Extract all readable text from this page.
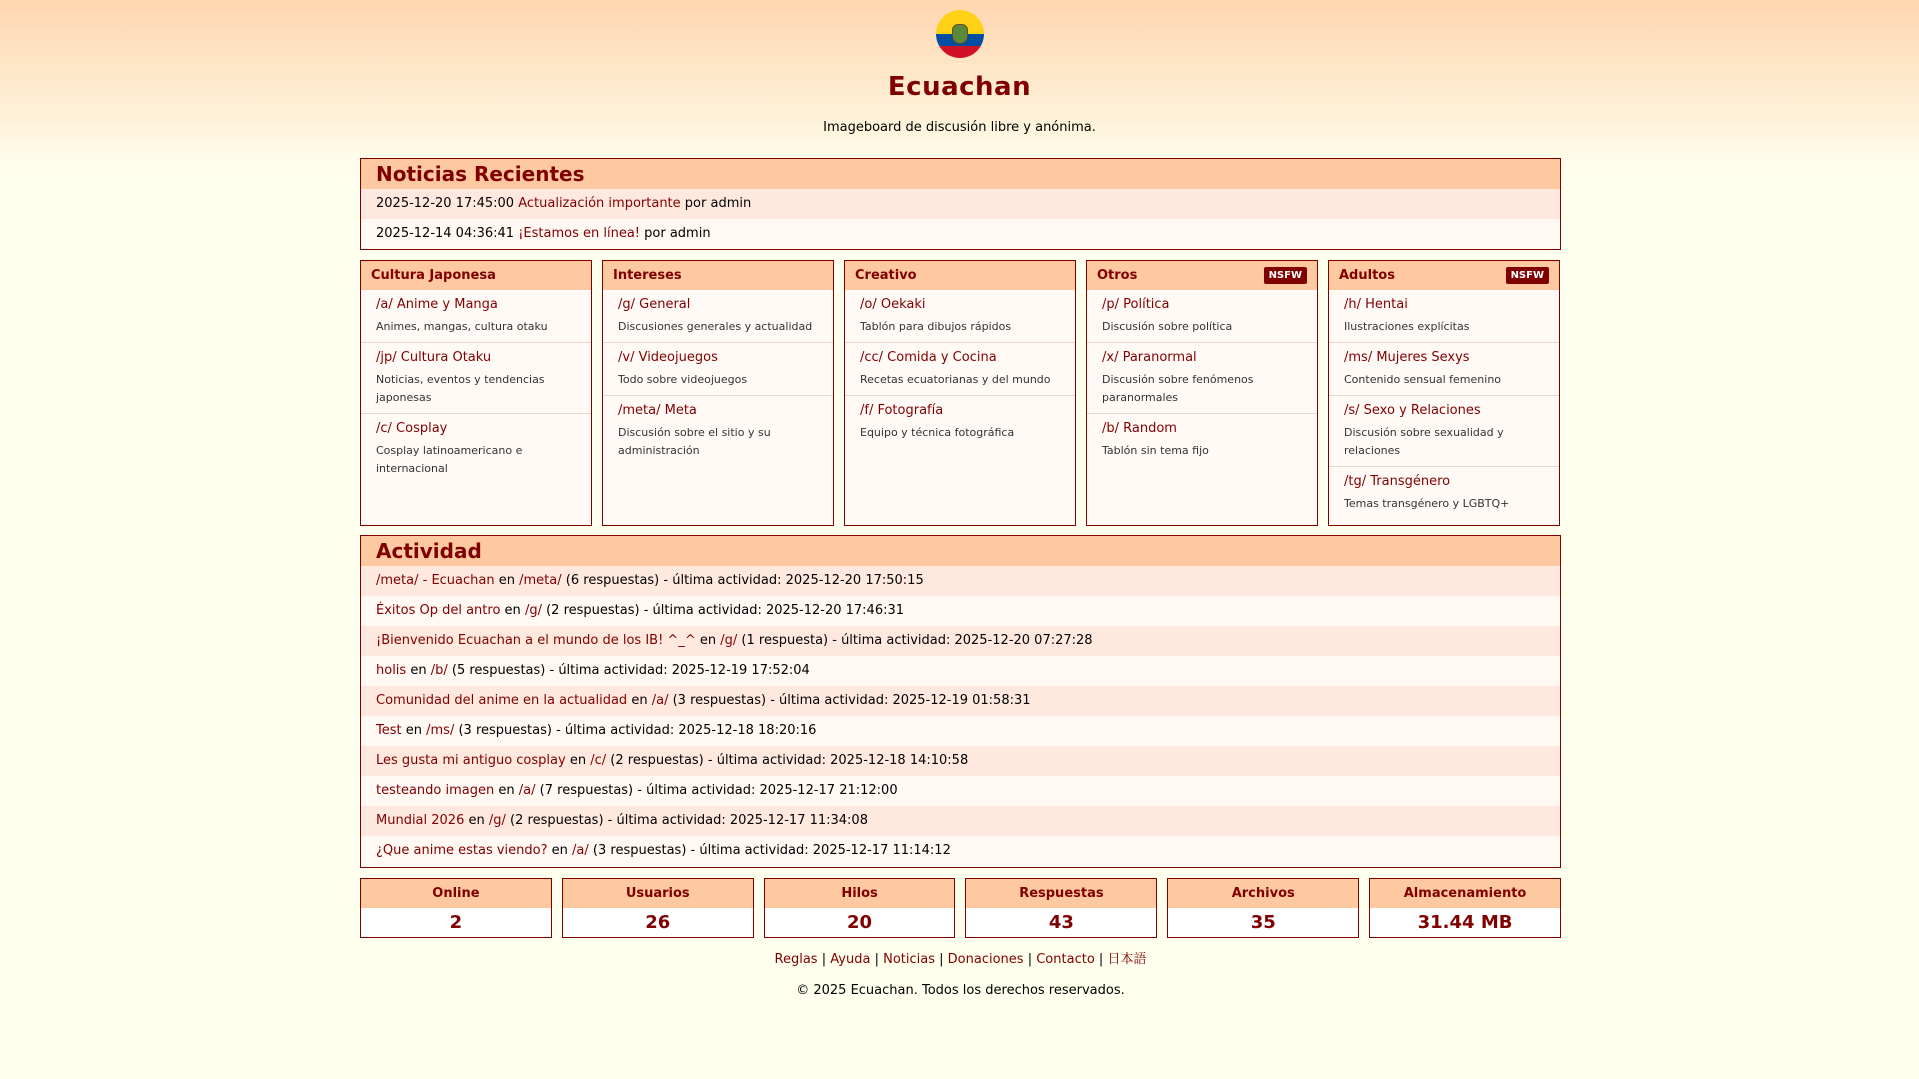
Ecuachan
Imageboard de discusión libre y anónima.
Noticias Recientes
2025-12-20 17:45:00 Actualización importante por admin
2025-12-14 04:36:41 ¡Estamos en línea! por admin
Cultura Japonesa
/a/ Anime y Manga
Animes, mangas, cultura otaku
/jp/ Cultura Otaku
Noticias, eventos y tendencias japonesas
/c/ Cosplay
Cosplay latinoamericano e internacional
Intereses
/g/ General
Discusiones generales y actualidad
/v/ Videojuegos
Todo sobre videojuegos
/meta/ Meta
Discusión sobre el sitio y su administración
Creativo
/o/ Oekaki
Tablón para dibujos rápidos
/cc/ Comida y Cocina
Recetas ecuatorianas y del mundo
/f/ Fotografía
Equipo y técnica fotográfica
Otros	NSFW
/p/ Política
Discusión sobre política
/x/ Paranormal
Discusión sobre fenómenos paranormales
/b/ Random
Tablón sin tema fijo
Adultos	NSFW
/h/ Hentai
Ilustraciones explícitas
/ms/ Mujeres Sexys
Contenido sensual femenino
/s/ Sexo y Relaciones
Discusión sobre sexualidad y relaciones
/tg/ Transgénero
Temas transgénero y LGBTQ+
Actividad
/meta/ - Ecuachan en /meta/ (6 respuestas) - última actividad: 2025-12-20 17:50:15
Éxitos Op del antro en /g/ (2 respuestas) - última actividad: 2025-12-20 17:46:31
¡Bienvenido Ecuachan a el mundo de los IB! ^_^ en /g/ (1 respuesta) - última actividad: 2025-12-20 07:27:28
holis en /b/ (5 respuestas) - última actividad: 2025-12-19 17:52:04
Comunidad del anime en la actualidad en /a/ (3 respuestas) - última actividad: 2025-12-19 01:58:31
Test en /ms/ (3 respuestas) - última actividad: 2025-12-18 18:20:16
Les gusta mi antiguo cosplay en /c/ (2 respuestas) - última actividad: 2025-12-18 14:10:58
testeando imagen en /a/ (7 respuestas) - última actividad: 2025-12-17 21:12:00
Mundial 2026 en /g/ (2 respuestas) - última actividad: 2025-12-17 11:34:08
¿Que anime estas viendo? en /a/ (3 respuestas) - última actividad: 2025-12-17 11:14:12
Online
2
Usuarios
26
Hilos
20
Respuestas
43
Archivos
35
Almacenamiento
31.44 MB
Reglas | Ayuda | Noticias | Donaciones | Contacto | 日本語
© 2025 Ecuachan. Todos los derechos reservados.
